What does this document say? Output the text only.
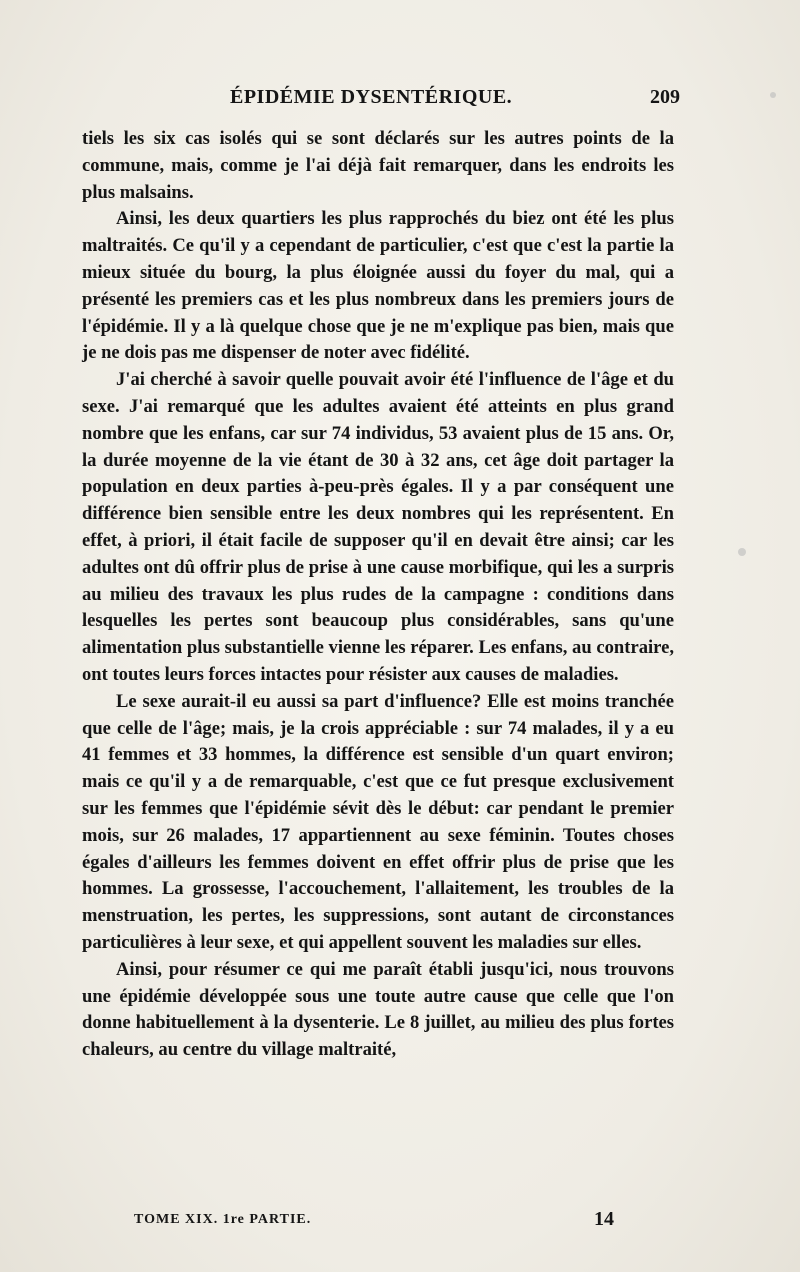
ÉPIDÉMIE DYSENTÉRIQUE.	209

tiels les six cas isolés qui se sont déclarés sur les autres points de la commune, mais, comme je l'ai déjà fait remarquer, dans les endroits les plus malsains.

Ainsi, les deux quartiers les plus rapprochés du biez ont été les plus maltraités. Ce qu'il y a cependant de particulier, c'est que c'est la partie la mieux située du bourg, la plus éloignée aussi du foyer du mal, qui a présenté les premiers cas et les plus nombreux dans les premiers jours de l'épidémie. Il y a là quelque chose que je ne m'explique pas bien, mais que je ne dois pas me dispenser de noter avec fidélité.

J'ai cherché à savoir quelle pouvait avoir été l'influence de l'âge et du sexe. J'ai remarqué que les adultes avaient été atteints en plus grand nombre que les enfans, car sur 74 individus, 53 avaient plus de 15 ans. Or, la durée moyenne de la vie étant de 30 à 32 ans, cet âge doit partager la population en deux parties à-peu-près égales. Il y a par conséquent une différence bien sensible entre les deux nombres qui les représentent. En effet, à priori, il était facile de supposer qu'il en devait être ainsi; car les adultes ont dû offrir plus de prise à une cause morbifique, qui les a surpris au milieu des travaux les plus rudes de la campagne : conditions dans lesquelles les pertes sont beaucoup plus considérables, sans qu'une alimentation plus substantielle vienne les réparer. Les enfans, au contraire, ont toutes leurs forces intactes pour résister aux causes de maladies.

Le sexe aurait-il eu aussi sa part d'influence? Elle est moins tranchée que celle de l'âge; mais, je la crois appréciable : sur 74 malades, il y a eu 41 femmes et 33 hommes, la différence est sensible d'un quart environ; mais ce qu'il y a de remarquable, c'est que ce fut presque exclusivement sur les femmes que l'épidémie sévit dès le début: car pendant le premier mois, sur 26 malades, 17 appartiennent au sexe féminin. Toutes choses égales d'ailleurs les femmes doivent en effet offrir plus de prise que les hommes. La grossesse, l'accouchement, l'allaitement, les troubles de la menstruation, les pertes, les suppressions, sont autant de circonstances particulières à leur sexe, et qui appellent souvent les maladies sur elles.

Ainsi, pour résumer ce qui me paraît établi jusqu'ici, nous trouvons une épidémie développée sous une toute autre cause que celle que l'on donne habituellement à la dysenterie. Le 8 juillet, au milieu des plus fortes chaleurs, au centre du village maltraité,

TOME XIX. 1re PARTIE.	14
